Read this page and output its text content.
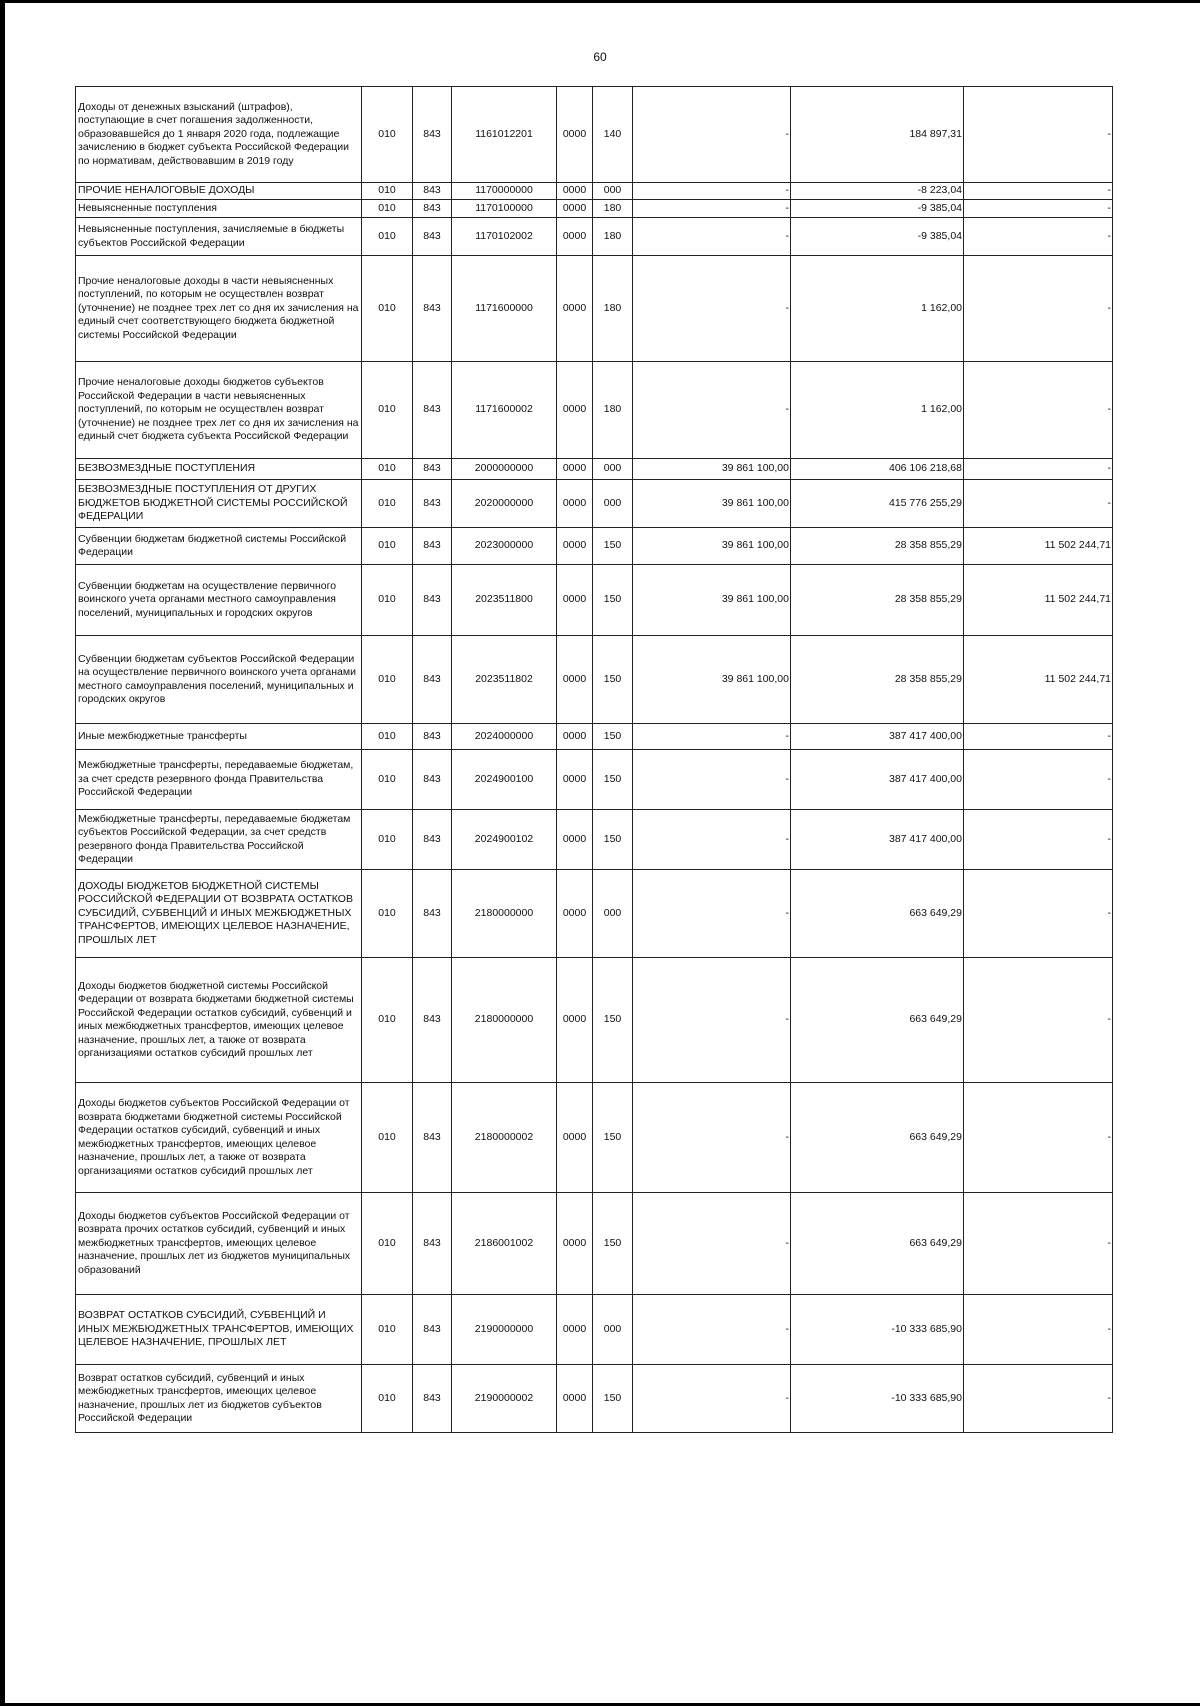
60
Доходы от денежных взысканий (штрафов), поступающие в счет погашения задолженности, образовавшейся до 1 января 2020 года, подлежащие зачислению в бюджет субъекта Российской Федерации по нормативам, действовавшим в 2019 году	010	843	1161012201	0000	140	-	184 897,31	-
ПРОЧИЕ НЕНАЛОГОВЫЕ ДОХОДЫ	010	843	1170000000	0000	000	-	-8 223,04	-
Невыясненные поступления	010	843	1170100000	0000	180	-	-9 385,04	-
Невыясненные поступления, зачисляемые в бюджеты субъектов Российской Федерации	010	843	1170102002	0000	180	-	-9 385,04	-
Прочие неналоговые доходы в части невыясненных поступлений, по которым не осуществлен возврат (уточнение) не позднее трех лет со дня их зачисления на единый счет соответствующего бюджета бюджетной системы Российской Федерации	010	843	1171600000	0000	180	-	1 162,00	-
Прочие неналоговые доходы бюджетов субъектов Российской Федерации в части невыясненных поступлений, по которым не осуществлен возврат (уточнение) не позднее трех лет со дня их зачисления на единый счет бюджета субъекта Российской Федерации	010	843	1171600002	0000	180	-	1 162,00	-
БЕЗВОЗМЕЗДНЫЕ ПОСТУПЛЕНИЯ	010	843	2000000000	0000	000	39 861 100,00	406 106 218,68	-
БЕЗВОЗМЕЗДНЫЕ ПОСТУПЛЕНИЯ ОТ ДРУГИХ БЮДЖЕТОВ БЮДЖЕТНОЙ СИСТЕМЫ РОССИЙСКОЙ ФЕДЕРАЦИИ	010	843	2020000000	0000	000	39 861 100,00	415 776 255,29	-
Субвенции бюджетам бюджетной системы Российской Федерации	010	843	2023000000	0000	150	39 861 100,00	28 358 855,29	11 502 244,71
Субвенции бюджетам на осуществление первичного воинского учета органами местного самоуправления поселений, муниципальных и городских округов	010	843	2023511800	0000	150	39 861 100,00	28 358 855,29	11 502 244,71
Субвенции бюджетам субъектов Российской Федерации на осуществление первичного воинского учета органами местного самоуправления поселений, муниципальных и городских округов	010	843	2023511802	0000	150	39 861 100,00	28 358 855,29	11 502 244,71
Иные межбюджетные трансферты	010	843	2024000000	0000	150	-	387 417 400,00	-
Межбюджетные трансферты, передаваемые бюджетам, за счет средств резервного фонда Правительства Российской Федерации	010	843	2024900100	0000	150	-	387 417 400,00	-
Межбюджетные трансферты, передаваемые бюджетам субъектов Российской Федерации, за счет средств резервного фонда Правительства Российской Федерации	010	843	2024900102	0000	150	-	387 417 400,00	-
ДОХОДЫ БЮДЖЕТОВ БЮДЖЕТНОЙ СИСТЕМЫ РОССИЙСКОЙ ФЕДЕРАЦИИ ОТ ВОЗВРАТА ОСТАТКОВ СУБСИДИЙ, СУБВЕНЦИЙ И ИНЫХ МЕЖБЮДЖЕТНЫХ ТРАНСФЕРТОВ, ИМЕЮЩИХ ЦЕЛЕВОЕ НАЗНАЧЕНИЕ, ПРОШЛЫХ ЛЕТ	010	843	2180000000	0000	000	-	663 649,29	-
Доходы бюджетов бюджетной системы Российской Федерации от возврата бюджетами бюджетной системы Российской Федерации остатков субсидий, субвенций и иных межбюджетных трансфертов, имеющих целевое назначение, прошлых лет, а также от возврата организациями остатков субсидий прошлых лет	010	843	2180000000	0000	150	-	663 649,29	-
Доходы бюджетов субъектов Российской Федерации от возврата бюджетами бюджетной системы Российской Федерации остатков субсидий, субвенций и иных межбюджетных трансфертов, имеющих целевое назначение, прошлых лет, а также от возврата организациями остатков субсидий прошлых лет	010	843	2180000002	0000	150	-	663 649,29	-
Доходы бюджетов субъектов Российской Федерации от возврата прочих остатков субсидий, субвенций и иных межбюджетных трансфертов, имеющих целевое назначение, прошлых лет из бюджетов муниципальных образований	010	843	2186001002	0000	150	-	663 649,29	-
ВОЗВРАТ ОСТАТКОВ СУБСИДИЙ, СУБВЕНЦИЙ И ИНЫХ МЕЖБЮДЖЕТНЫХ ТРАНСФЕРТОВ, ИМЕЮЩИХ ЦЕЛЕВОЕ НАЗНАЧЕНИЕ, ПРОШЛЫХ ЛЕТ	010	843	2190000000	0000	000	-	-10 333 685,90	-
Возврат остатков субсидий, субвенций и иных межбюджетных трансфертов, имеющих целевое назначение, прошлых лет из бюджетов субъектов Российской Федерации	010	843	2190000002	0000	150	-	-10 333 685,90	-
